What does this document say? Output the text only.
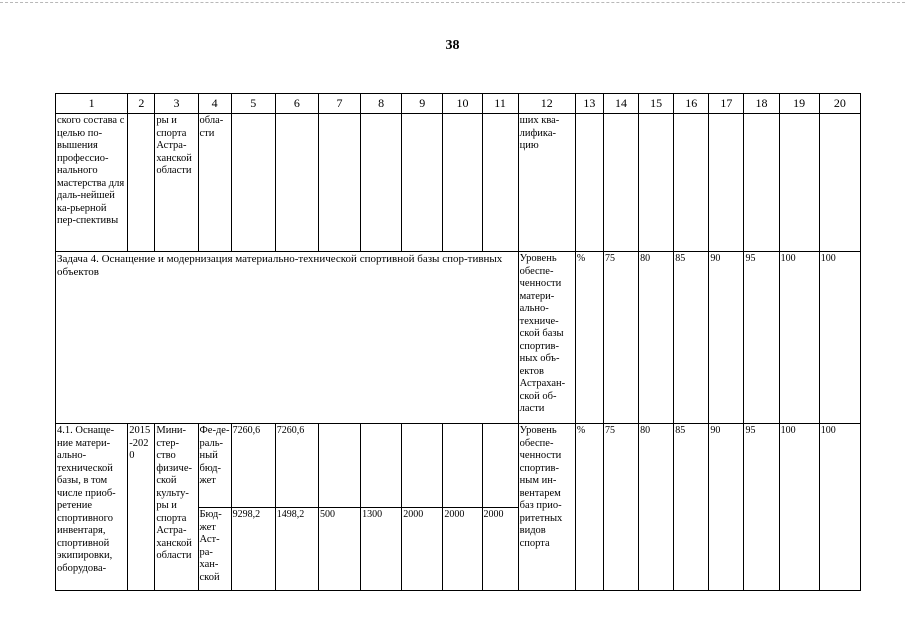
38
1	2	3	4	5	6	7	8	9	10	11	12	13	14	15	16	17	18	19	20
ского состава с целью по-вышения профессио-нального мастерства для даль-нейшей ка-рьерной пер-спективы		ры и спорта Астра-ханской области	обла-сти								ших ква-лифика-цию								
Задача 4. Оснащение и модернизация материально-технической спортивной базы спор-тивных объектов											Уровень обеспе-ченности матери-ально-техниче-ской базы спортив-ных объ-ектов Астрахан-ской об-ласти	%	75	80	85	90	95	100	100
4.1. Оснаще-ние матери-ально-технической базы, в том числе приоб-ретение спортивного инвентаря, спортивной экипировки, оборудова-	2015-2020	Мини-стер-ство физиче-ской культу-ры и спорта Астра-ханской области	Фе-де-раль-ный бюд-жет	7260,6	7260,6						Уровень обеспе-ченности спортив-ным ин-вентарем баз прио-ритетных видов спорта	%	75	80	85	90	95	100	100
			Бюд-жет Аст-ра-хан-ской	9298,2	1498,2	500	1300	2000	2000	2000									
